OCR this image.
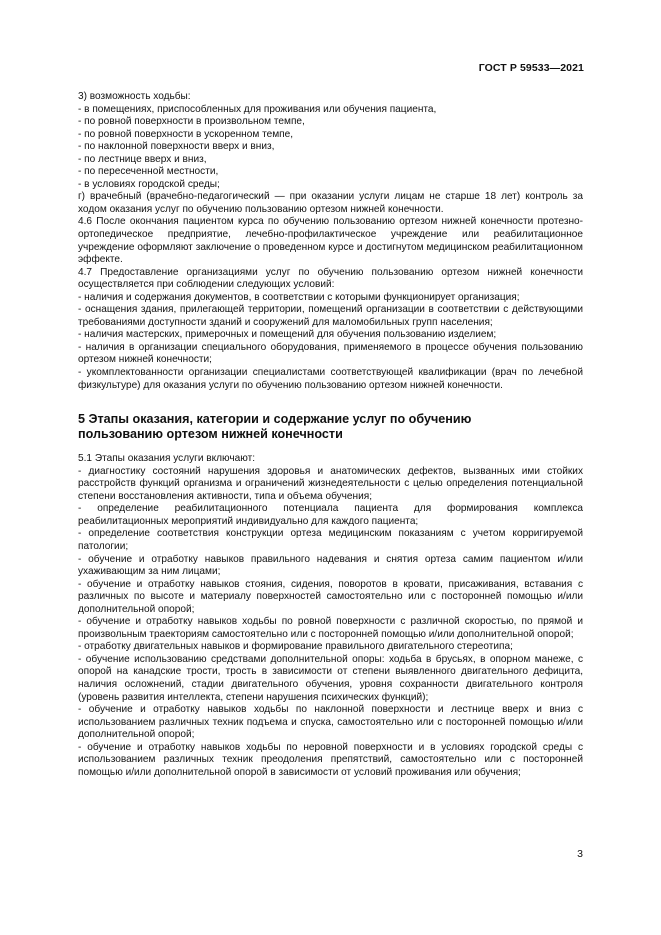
ГОСТ Р 59533—2021

3) возможность ходьбы:

- в помещениях, приспособленных для проживания или обучения пациента,

- по ровной поверхности в произвольном темпе,

- по ровной поверхности в ускоренном темпе,

- по наклонной поверхности вверх и вниз,

- по лестнице вверх и вниз,

- по пересеченной местности,

- в условиях городской среды;

г) врачебный (врачебно-педагогический — при оказании услуги лицам не старше 18 лет) контроль за ходом оказания услуг по обучению пользованию ортезом нижней конечности.

4.6 После окончания пациентом курса по обучению пользованию ортезом нижней конечности протезно-ортопедическое предприятие, лечебно-профилактическое учреждение или реабилитационное учреждение оформляют заключение о проведенном курсе и достигнутом медицинском реабилитационном эффекте.

4.7 Предоставление организациями услуг по обучению пользованию ортезом нижней конечности осуществляется при соблюдении следующих условий:

- наличия и содержания документов, в соответствии с которыми функционирует организация;

- оснащения здания, прилегающей территории, помещений организации в соответствии с действующими требованиями доступности зданий и сооружений для маломобильных групп населения;

- наличия мастерских, примерочных и помещений для обучения пользованию изделием;

- наличия в организации специального оборудования, применяемого в процессе обучения пользованию ортезом нижней конечности;

- укомплектованности организации специалистами соответствующей квалификации (врач по лечебной физкультуре) для оказания услуги по обучению пользованию ортезом нижней конечности.

5 Этапы оказания, категории и содержание услуг по обучению
пользованию ортезом нижней конечности

5.1 Этапы оказания услуги включают:

- диагностику состояний нарушения здоровья и анатомических дефектов, вызванных ими стойких расстройств функций организма и ограничений жизнедеятельности с целью определения потенциальной степени восстановления активности, типа и объема обучения;

- определение реабилитационного потенциала пациента для формирования комплекса реабилитационных мероприятий индивидуально для каждого пациента;

- определение соответствия конструкции ортеза медицинским показаниям с учетом корригируемой патологии;

- обучение и отработку навыков правильного надевания и снятия ортеза самим пациентом и/или ухаживающим за ним лицами;

- обучение и отработку навыков стояния, сидения, поворотов в кровати, присаживания, вставания с различных по высоте и материалу поверхностей самостоятельно или с посторонней помощью и/или дополнительной опорой;

- обучение и отработку навыков ходьбы по ровной поверхности с различной скоростью, по прямой и произвольным траекториям самостоятельно или с посторонней помощью и/или дополнительной опорой;

- отработку двигательных навыков и формирование правильного двигательного стереотипа;

- обучение использованию средствами дополнительной опоры: ходьба в брусьях, в опорном манеже, с опорой на канадские трости, трость в зависимости от степени выявленного двигательного дефицита, наличия осложнений, стадии двигательного обучения, уровня сохранности двигательного контроля (уровень развития интеллекта, степени нарушения психических функций);

- обучение и отработку навыков ходьбы по наклонной поверхности и лестнице вверх и вниз с использованием различных техник подъема и спуска, самостоятельно или с посторонней помощью и/или дополнительной опорой;

- обучение и отработку навыков ходьбы по неровной поверхности и в условиях городской среды с использованием различных техник преодоления препятствий, самостоятельно или с посторонней помощью и/или дополнительной опорой в зависимости от условий проживания или обучения;

3
